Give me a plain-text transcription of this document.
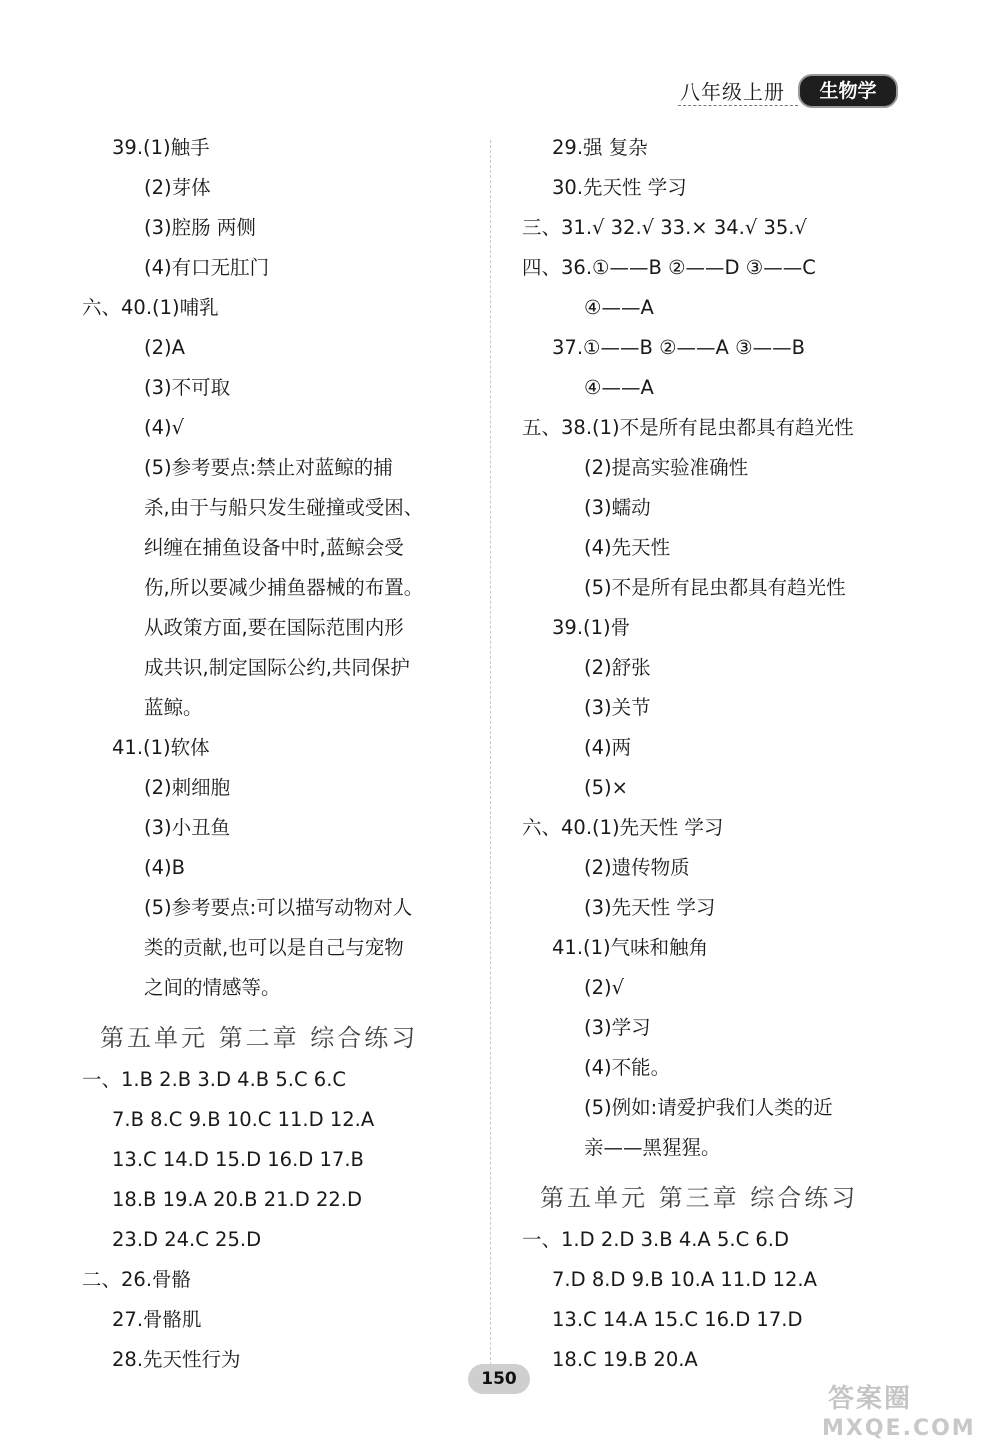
八年级上册	生物学
39.(1)触手
(2)芽体
(3)腔肠 两侧
(4)有口无肛门
六、40.(1)哺乳
(2)A
(3)不可取
(4)√
(5)参考要点:禁止对蓝鲸的捕
杀,由于与船只发生碰撞或受困、
纠缠在捕鱼设备中时,蓝鲸会受
伤,所以要减少捕鱼器械的布置。
从政策方面,要在国际范围内形
成共识,制定国际公约,共同保护
蓝鲸。
41.(1)软体
(2)刺细胞
(3)小丑鱼
(4)B
(5)参考要点:可以描写动物对人
类的贡献,也可以是自己与宠物
之间的情感等。
第五单元 第二章 综合练习
一、1.B 2.B 3.D 4.B 5.C 6.C
7.B 8.C 9.B 10.C 11.D 12.A
13.C 14.D 15.D 16.D 17.B
18.B 19.A 20.B 21.D 22.D
23.D 24.C 25.D
二、26.骨骼
27.骨骼肌
28.先天性行为
29.强 复杂
30.先天性 学习
三、31.√ 32.√ 33.× 34.√ 35.√
四、36.①——B ②——D ③——C
④——A
37.①——B ②——A ③——B
④——A
五、38.(1)不是所有昆虫都具有趋光性
(2)提高实验准确性
(3)蠕动
(4)先天性
(5)不是所有昆虫都具有趋光性
39.(1)骨
(2)舒张
(3)关节
(4)两
(5)×
六、40.(1)先天性 学习
(2)遗传物质
(3)先天性 学习
41.(1)气味和触角
(2)√
(3)学习
(4)不能。
(5)例如:请爱护我们人类的近
亲——黑猩猩。
第五单元 第三章 综合练习
一、1.D 2.D 3.B 4.A 5.C 6.D
7.D 8.D 9.B 10.A 11.D 12.A
13.C 14.A 15.C 16.D 17.D
18.C 19.B 20.A
150
答案圈
MXQE.COM
